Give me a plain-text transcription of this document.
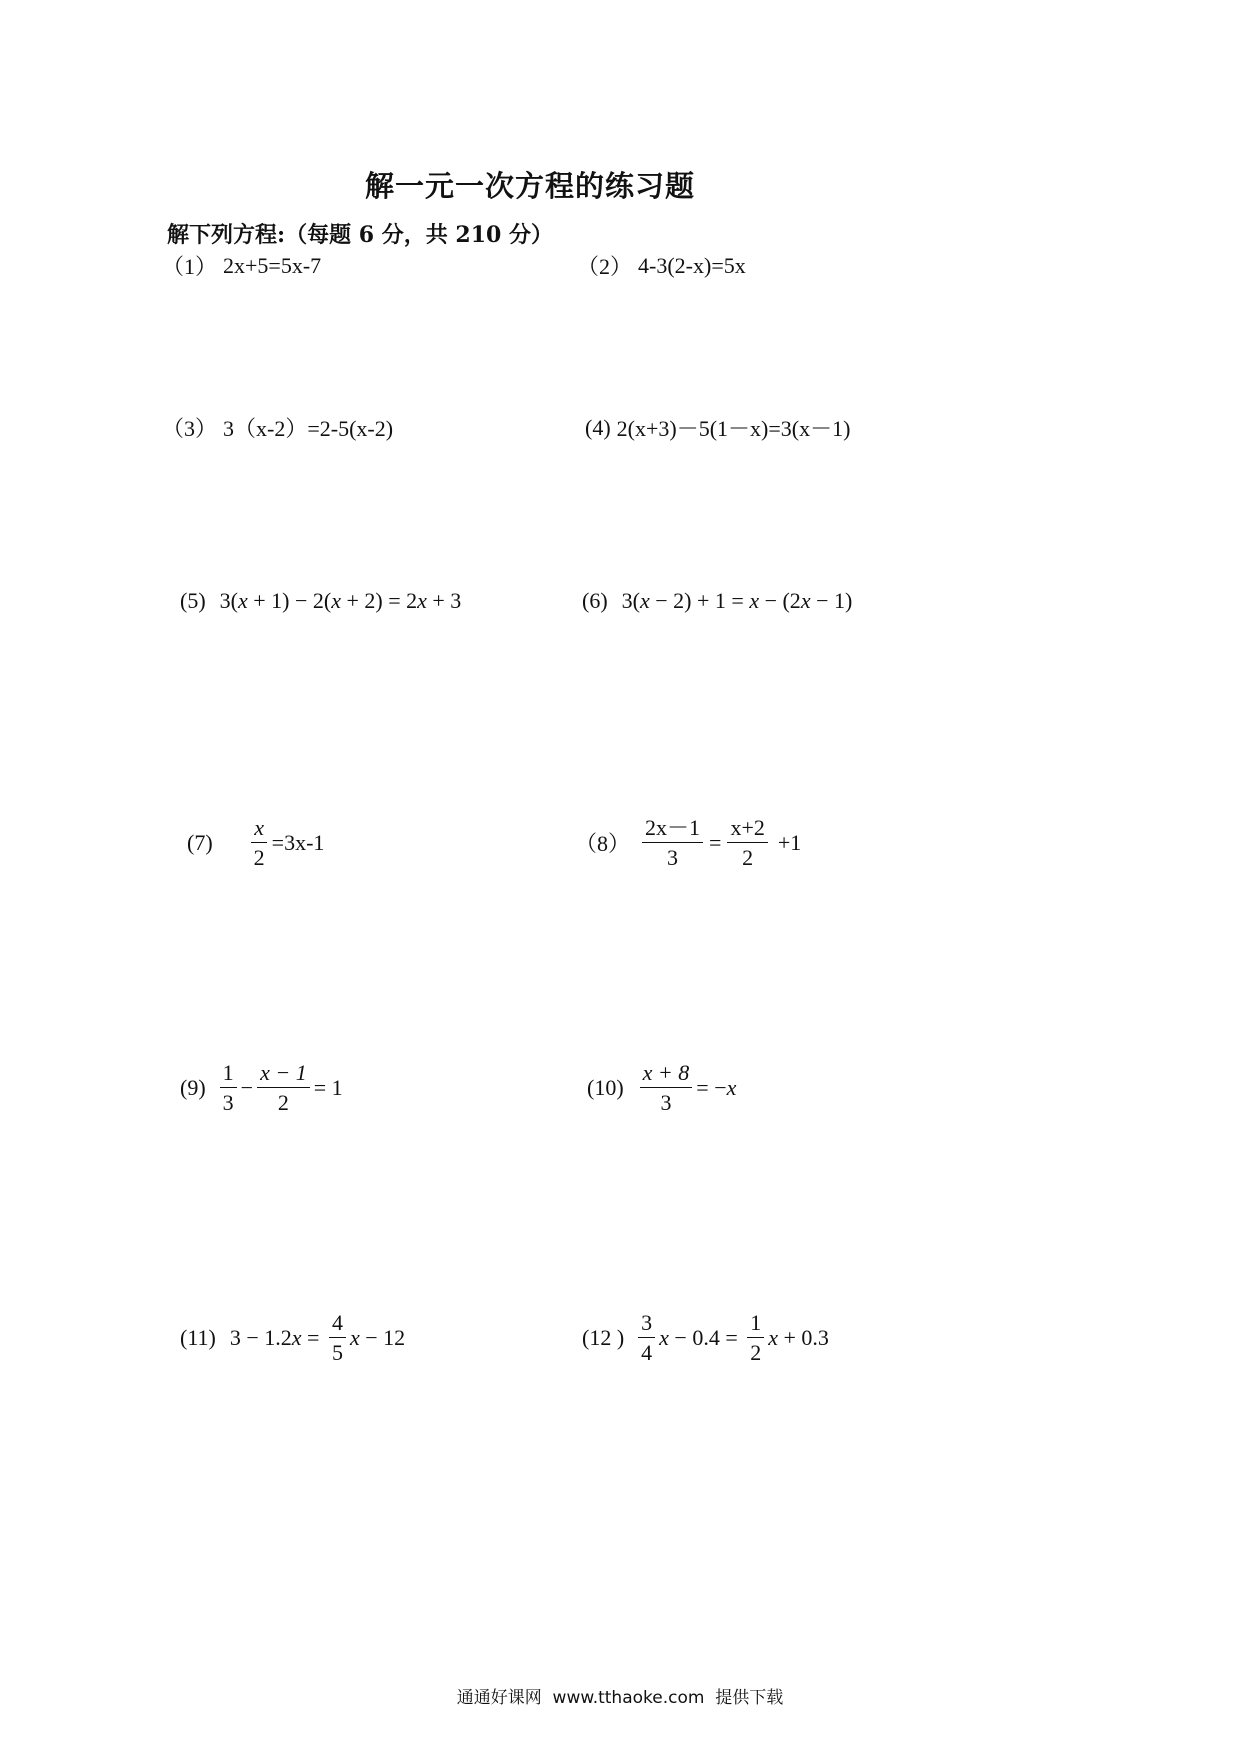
解一元一次方程的练习题
解下列方程:（每题 6 分，共 210 分）
（1） 2x+5=5x-7	（2） 4-3(2-x)=5x
（3） 3（x-2）=2-5(x-2)	(4) 2(x+3)－5(1－x)=3(x－1)
(5) 3( x + 1) − 2( x + 2) = 2 x + 3	(6) 3( x − 2) + 1 = x − (2 x − 1)
$(7) \frac{x}{2} =3x-1$	$(8) \frac{2x-1}{3} = \frac{x+2}{2} +1$
$(9) \frac{1}{3} - \frac{x - 1}{2} = 1$	$(10) \frac{x + 8}{3}$ = − x
(11) 3 − 1.2 $x = \frac{4}{5}$ x − 12	(12 ) $\frac{3}{4}$ $x - 0.4 = \frac{1}{2}$ x + 0.3
通通好课网  www.tthaoke.com  提供下载
